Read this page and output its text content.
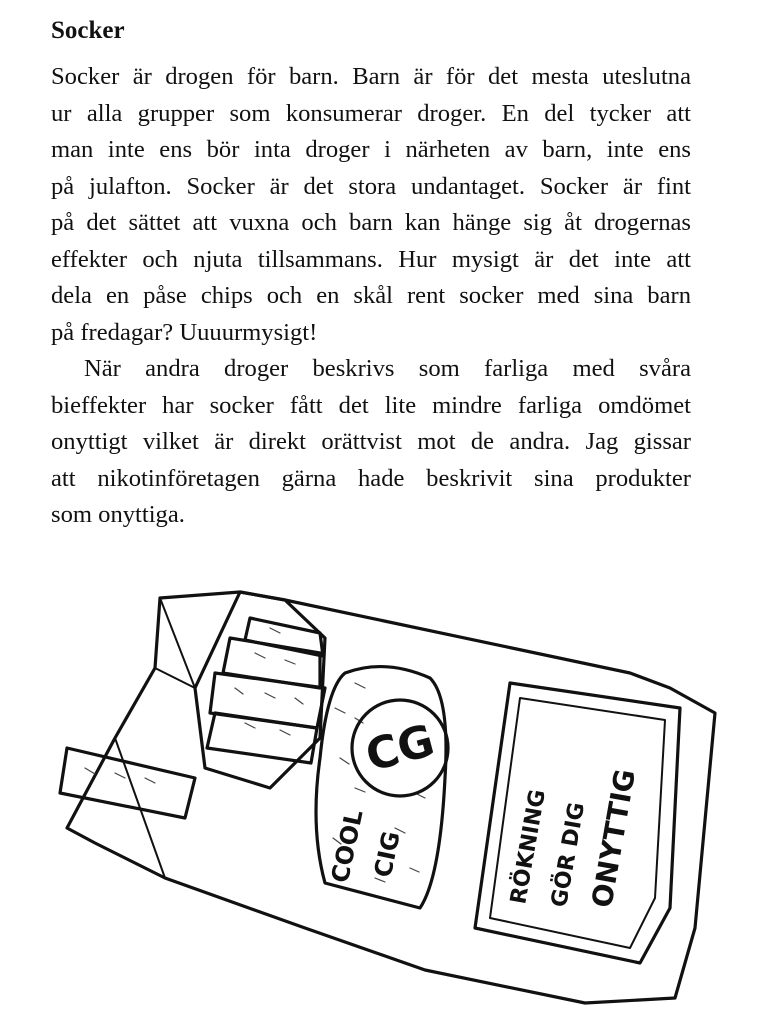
Socker
Socker är drogen för barn. Barn är för det mesta uteslutna
ur alla grupper som konsumerar droger. En del tycker att
man inte ens bör inta droger i närheten av barn, inte ens
på julafton. Socker är det stora undantaget. Socker är fint
på det sättet att vuxna och barn kan hänge sig åt drogernas
effekter och njuta tillsammans. Hur mysigt är det inte att
dela en påse chips och en skål rent socker med sina barn
på fredagar? Uuuurmysigt!
När andra droger beskrivs som farliga med svåra
bieffekter har socker fått det lite mindre farliga omdömet
onyttigt vilket är direkt orättvist mot de andra. Jag gissar
att nikotinföretagen gärna hade beskrivit sina produkter
som onyttiga.
CG
COOL CIG	RÖKNING
GÖR DIG
ONYTTIG
